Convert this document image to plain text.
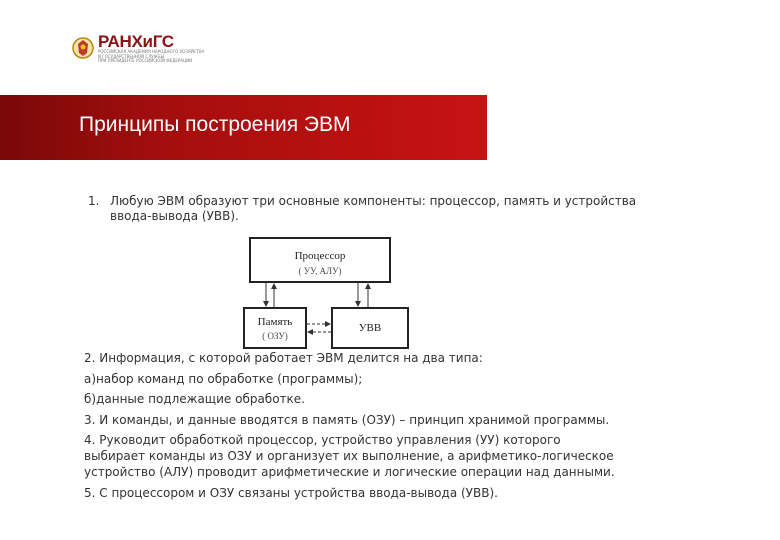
РАНХиГС
РОССИЙСКАЯ АКАДЕМИЯ НАРОДНОГО ХОЗЯЙСТВА
И ГОСУДАРСТВЕННОЙ СЛУЖБЫ
ПРИ ПРЕЗИДЕНТЕ РОССИЙСКОЙ ФЕДЕРАЦИИ
Принципы построения ЭВМ
1. Любую ЭВМ образуют три основные компоненты: процессор, память и устройства ввода-вывода (УВВ).
Процессор
( УУ, АЛУ)
Память
( ОЗУ)
УВВ
2. Информация, с которой работает ЭВМ делится на два типа:
а)набор команд по обработке (программы);
б)данные подлежащие обработке.
3. И команды, и данные вводятся в память (ОЗУ) – принцип хранимой программы.
4. Руководит обработкой процессор, устройство управления (УУ) которого
выбирает команды из ОЗУ и организует их выполнение, а арифметико-логическое
устройство (АЛУ) проводит арифметические и логические операции над данными.
5. С процессором и ОЗУ связаны устройства ввода-вывода (УВВ).
